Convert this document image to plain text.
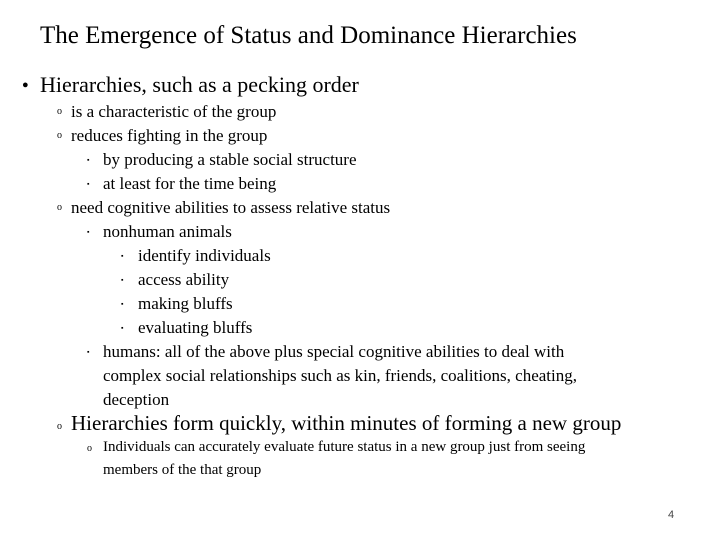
The Emergence of Status and Dominance Hierarchies
● Hierarchies, such as a pecking order
o is a characteristic of the group
o reduces fighting in the group
▪ by producing a stable social structure
▪ at least for the time being
o need cognitive abilities to assess relative status
▪ nonhuman animals
▪ identify individuals
▪ access ability
▪ making bluffs
▪ evaluating bluffs
▪ humans: all of the above plus special cognitive abilities to deal with
complex social relationships such as kin, friends, coalitions, cheating,
deception
o Hierarchies form quickly, within minutes of forming a new group
o Individuals can accurately evaluate future status in a new group just from seeing
members of the that group
4
